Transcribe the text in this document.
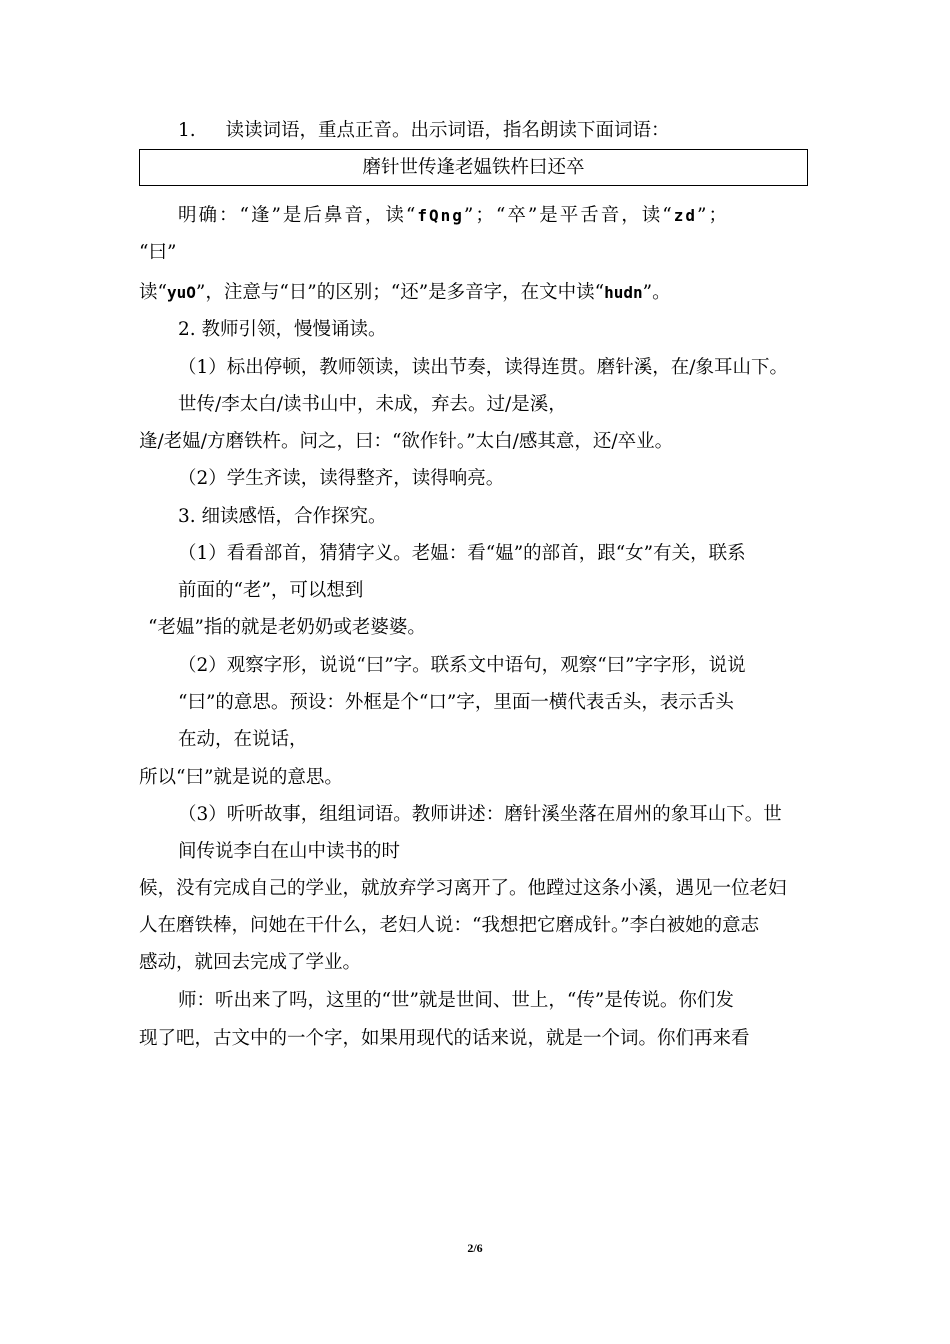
1. 读读词语，重点正音。出示词语，指名朗读下面词语：
磨针世传逢老媪铁杵曰还卒
明确：“逢”是后鼻音，读“fQng”；“卒”是平舌音，读“zd”；
“曰”
读“yuO”，注意与“日”的区别；“还”是多音字，在文中读“hudn”。
2. 教师引领，慢慢诵读。
（1）标出停顿，教师领读，读出节奏，读得连贯。磨针溪，在/象耳山下。
世传/李太白/读书山中，未成，弃去。过/是溪，
逢/老媪/方磨铁杵。问之，曰：“欲作针。”太白/感其意，还/卒业。
（2）学生齐读，读得整齐，读得响亮。
3. 细读感悟，合作探究。
（1）看看部首，猜猜字义。老媪：看“媪”的部首，跟“女”有关，联系
前面的“老”，可以想到
“老媪”指的就是老奶奶或老婆婆。
（2）观察字形，说说“曰”字。联系文中语句，观察“曰”字字形，说说
“曰”的意思。预设：外框是个“口”字，里面一横代表舌头，表示舌头
在动，在说话，
所以“曰”就是说的意思。
（3）听听故事，组组词语。教师讲述：磨针溪坐落在眉州的象耳山下。世
间传说李白在山中读书的时
候，没有完成自己的学业，就放弃学习离开了。他蹚过这条小溪，遇见一位老妇
人在磨铁棒，问她在干什么，老妇人说：“我想把它磨成针。”李白被她的意志
感动，就回去完成了学业。
师：听出来了吗，这里的“世”就是世间、世上，“传”是传说。你们发
现了吧，古文中的一个字，如果用现代的话来说，就是一个词。你们再来看
2/6
